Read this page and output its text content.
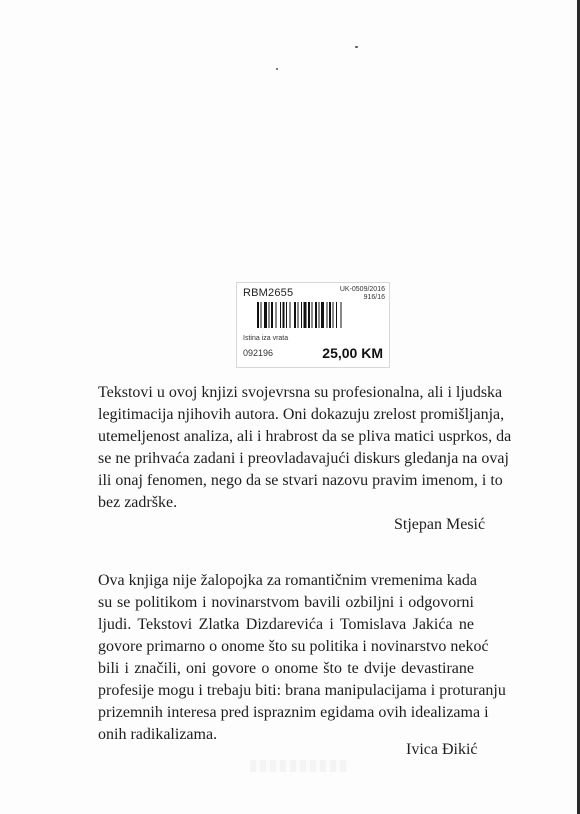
RBM2655	UK-0509/2016
916/16
Istina iza vrata
092196	25,00 KM
Tekstovi u ovoj knjizi svojevrsna su profesionalna, ali i ljudska
legitimacija njihovih autora. Oni dokazuju zrelost promišljanja,
utemeljenost analiza, ali i hrabrost da se pliva matici usprkos, da
se ne prihvaća zadani i preovladavajući diskurs gledanja na ovaj
ili onaj fenomen, nego da se stvari nazovu pravim imenom, i to
bez zadrške.
Stjepan Mesić
Ova knjiga nije žalopojka za romantičnim vremenima kada
su se politikom i novinarstvom bavili ozbiljni i odgovorni
ljudi. Tekstovi Zlatka Dizdarevića i Tomislava Jakića ne
govore primarno o onome što su politika i novinarstvo nekoć
bili i značili, oni govore o onome što te dvije devastirane
profesije mogu i trebaju biti: brana manipulacijama i proturanju
prizemnih interesa pred ispraznim egidama ovih idealizama i
onih radikalizama.
Ivica Đikić
